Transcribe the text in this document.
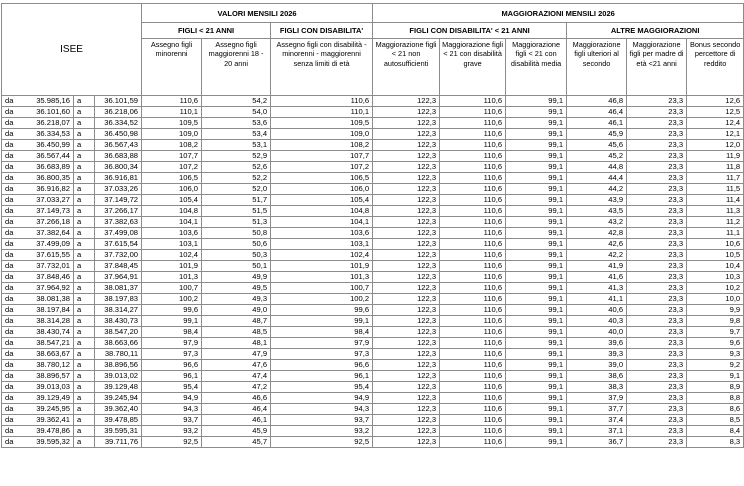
ISEE				VALORI MENSILI 2026			MAGGIORAZIONI MENSILI 2026					
				FIGLI < 21 ANNI		FIGLI CON DISABILITA'	FIGLI CON DISABILITA' < 21 ANNI			ALTRE MAGGIORAZIONI		
				Assegno figli minorenni	Assegno figli maggiorenni 18 - 20 anni	Assegno figli con disabilità - minorenni - maggiorenni senza limiti di età	Maggiorazione figli < 21 non autosufficienti	Maggiorazione figli < 21 con disabilità grave	Maggiorazione figli < 21 con disabilità media	Maggiorazione figli ulteriori al secondo	Maggiorazione figli per madre di età <21 anni	Bonus secondo percettore di reddito
da	35.985,16	a	36.101,59	110,6	54,2	110,6	122,3	110,6	99,1	46,8	23,3	12,6
da	36.101,60	a	36.218,06	110,1	54,0	110,1	122,3	110,6	99,1	46,4	23,3	12,5
da	36.218,07	a	36.334,52	109,5	53,6	109,5	122,3	110,6	99,1	46,1	23,3	12,4
da	36.334,53	a	36.450,98	109,0	53,4	109,0	122,3	110,6	99,1	45,9	23,3	12,1
da	36.450,99	a	36.567,43	108,2	53,1	108,2	122,3	110,6	99,1	45,6	23,3	12,0
da	36.567,44	a	36.683,88	107,7	52,9	107,7	122,3	110,6	99,1	45,2	23,3	11,9
da	36.683,89	a	36.800,34	107,2	52,6	107,2	122,3	110,6	99,1	44,8	23,3	11,8
da	36.800,35	a	36.916,81	106,5	52,2	106,5	122,3	110,6	99,1	44,4	23,3	11,7
da	36.916,82	a	37.033,26	106,0	52,0	106,0	122,3	110,6	99,1	44,2	23,3	11,5
da	37.033,27	a	37.149,72	105,4	51,7	105,4	122,3	110,6	99,1	43,9	23,3	11,4
da	37.149,73	a	37.266,17	104,8	51,5	104,8	122,3	110,6	99,1	43,5	23,3	11,3
da	37.266,18	a	37.382,63	104,1	51,3	104,1	122,3	110,6	99,1	43,2	23,3	11,2
da	37.382,64	a	37.499,08	103,6	50,8	103,6	122,3	110,6	99,1	42,8	23,3	11,1
da	37.499,09	a	37.615,54	103,1	50,6	103,1	122,3	110,6	99,1	42,6	23,3	10,6
da	37.615,55	a	37.732,00	102,4	50,3	102,4	122,3	110,6	99,1	42,2	23,3	10,5
da	37.732,01	a	37.848,45	101,9	50,1	101,9	122,3	110,6	99,1	41,9	23,3	10,4
da	37.848,46	a	37.964,91	101,3	49,9	101,3	122,3	110,6	99,1	41,6	23,3	10,3
da	37.964,92	a	38.081,37	100,7	49,5	100,7	122,3	110,6	99,1	41,3	23,3	10,2
da	38.081,38	a	38.197,83	100,2	49,3	100,2	122,3	110,6	99,1	41,1	23,3	10,0
da	38.197,84	a	38.314,27	99,6	49,0	99,6	122,3	110,6	99,1	40,6	23,3	9,9
da	38.314,28	a	38.430,73	99,1	48,7	99,1	122,3	110,6	99,1	40,3	23,3	9,8
da	38.430,74	a	38.547,20	98,4	48,5	98,4	122,3	110,6	99,1	40,0	23,3	9,7
da	38.547,21	a	38.663,66	97,9	48,1	97,9	122,3	110,6	99,1	39,6	23,3	9,6
da	38.663,67	a	38.780,11	97,3	47,9	97,3	122,3	110,6	99,1	39,3	23,3	9,3
da	38.780,12	a	38.896,56	96,6	47,6	96,6	122,3	110,6	99,1	39,0	23,3	9,2
da	38.896,57	a	39.013,02	96,1	47,4	96,1	122,3	110,6	99,1	38,6	23,3	9,1
da	39.013,03	a	39.129,48	95,4	47,2	95,4	122,3	110,6	99,1	38,3	23,3	8,9
da	39.129,49	a	39.245,94	94,9	46,6	94,9	122,3	110,6	99,1	37,9	23,3	8,8
da	39.245,95	a	39.362,40	94,3	46,4	94,3	122,3	110,6	99,1	37,7	23,3	8,6
da	39.362,41	a	39.478,85	93,7	46,1	93,7	122,3	110,6	99,1	37,4	23,3	8,5
da	39.478,86	a	39.595,31	93,2	45,9	93,2	122,3	110,6	99,1	37,1	23,3	8,4
da	39.595,32	a	39.711,76	92,5	45,7	92,5	122,3	110,6	99,1	36,7	23,3	8,3
